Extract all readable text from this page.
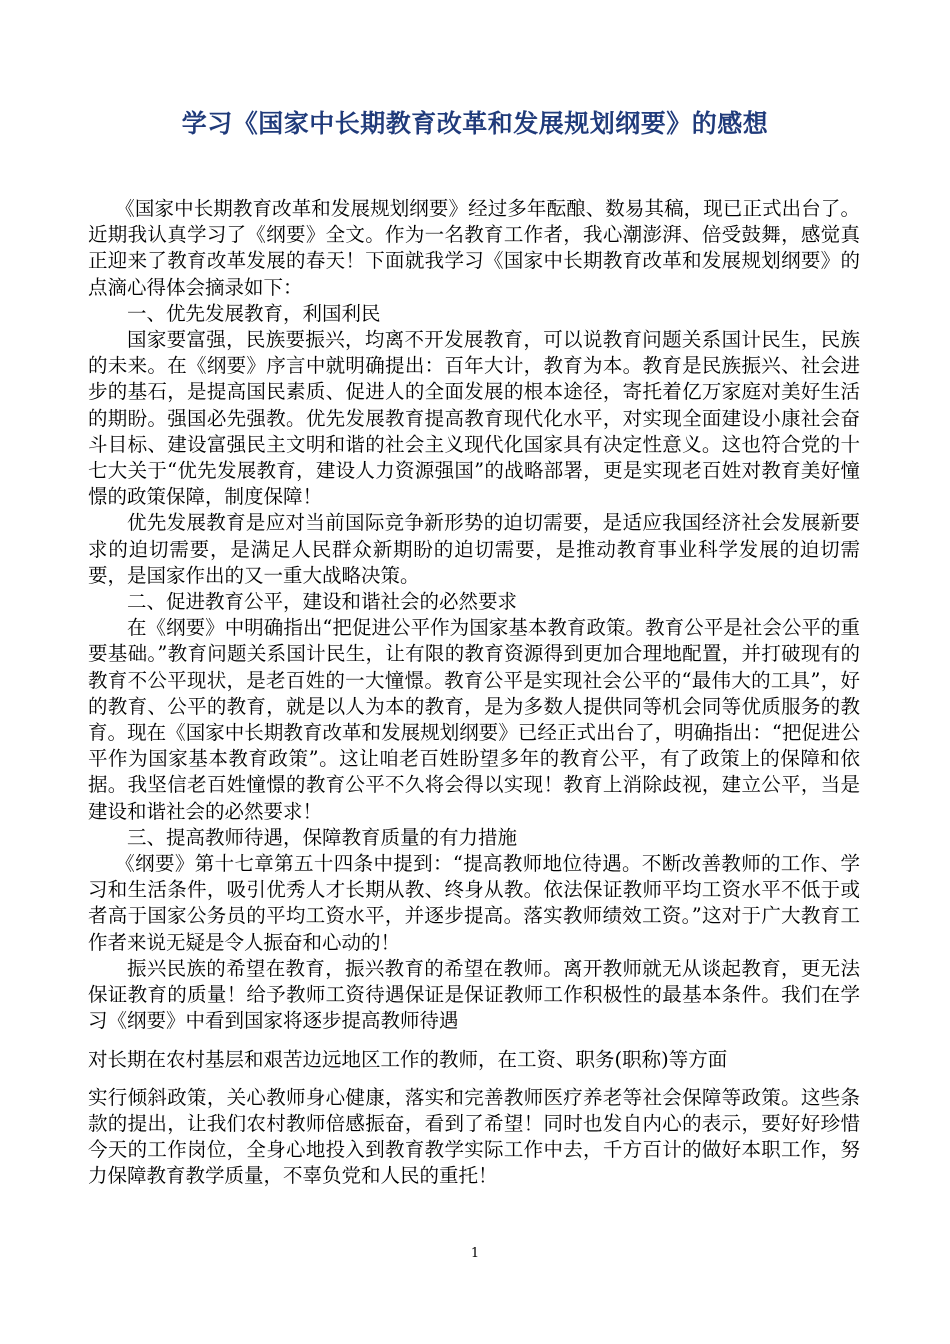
学习《国家中长期教育改革和发展规划纲要》的感想

《国家中长期教育改革和发展规划纲要》经过多年酝酿、数易其稿，现已正式出台了。近期我认真学习了《纲要》全文。作为一名教育工作者，我心潮澎湃、倍受鼓舞，感觉真正迎来了教育改革发展的春天！下面就我学习《国家中长期教育改革和发展规划纲要》的点滴心得体会摘录如下：

一、优先发展教育，利国利民

国家要富强，民族要振兴，均离不开发展教育，可以说教育问题关系国计民生，民族的未来。在《纲要》序言中就明确提出：百年大计，教育为本。教育是民族振兴、社会进步的基石，是提高国民素质、促进人的全面发展的根本途径，寄托着亿万家庭对美好生活的期盼。强国必先强教。优先发展教育提高教育现代化水平，对实现全面建设小康社会奋斗目标、建设富强民主文明和谐的社会主义现代化国家具有决定性意义。这也符合党的十七大关于“优先发展教育，建设人力资源强国”的战略部署，更是实现老百姓对教育美好憧憬的政策保障，制度保障！

优先发展教育是应对当前国际竞争新形势的迫切需要，是适应我国经济社会发展新要求的迫切需要，是满足人民群众新期盼的迫切需要，是推动教育事业科学发展的迫切需要，是国家作出的又一重大战略决策。

二、促进教育公平，建设和谐社会的必然要求

在《纲要》中明确指出“把促进公平作为国家基本教育政策。教育公平是社会公平的重要基础。”教育问题关系国计民生，让有限的教育资源得到更加合理地配置，并打破现有的教育不公平现状，是老百姓的一大憧憬。教育公平是实现社会公平的“最伟大的工具”，好的教育、公平的教育，就是以人为本的教育，是为多数人提供同等机会同等优质服务的教育。现在《国家中长期教育改革和发展规划纲要》已经正式出台了，明确指出：“把促进公平作为国家基本教育政策”。这让咱老百姓盼望多年的教育公平，有了政策上的保障和依据。我坚信老百姓憧憬的教育公平不久将会得以实现！教育上消除歧视，建立公平，当是建设和谐社会的必然要求！

三、提高教师待遇，保障教育质量的有力措施

《纲要》第十七章第五十四条中提到：“提高教师地位待遇。不断改善教师的工作、学习和生活条件，吸引优秀人才长期从教、终身从教。依法保证教师平均工资水平不低于或者高于国家公务员的平均工资水平，并逐步提高。落实教师绩效工资。”这对于广大教育工作者来说无疑是令人振奋和心动的！

振兴民族的希望在教育，振兴教育的希望在教师。离开教师就无从谈起教育，更无法保证教育的质量！给予教师工资待遇保证是保证教师工作积极性的最基本条件。我们在学习《纲要》中看到国家将逐步提高教师待遇

对长期在农村基层和艰苦边远地区工作的教师，在工资、职务(职称)等方面

实行倾斜政策，关心教师身心健康，落实和完善教师医疗养老等社会保障等政策。这些条款的提出，让我们农村教师倍感振奋，看到了希望！同时也发自内心的表示，要好好珍惜今天的工作岗位，全身心地投入到教育教学实际工作中去，千方百计的做好本职工作，努力保障教育教学质量，不辜负党和人民的重托！

1
